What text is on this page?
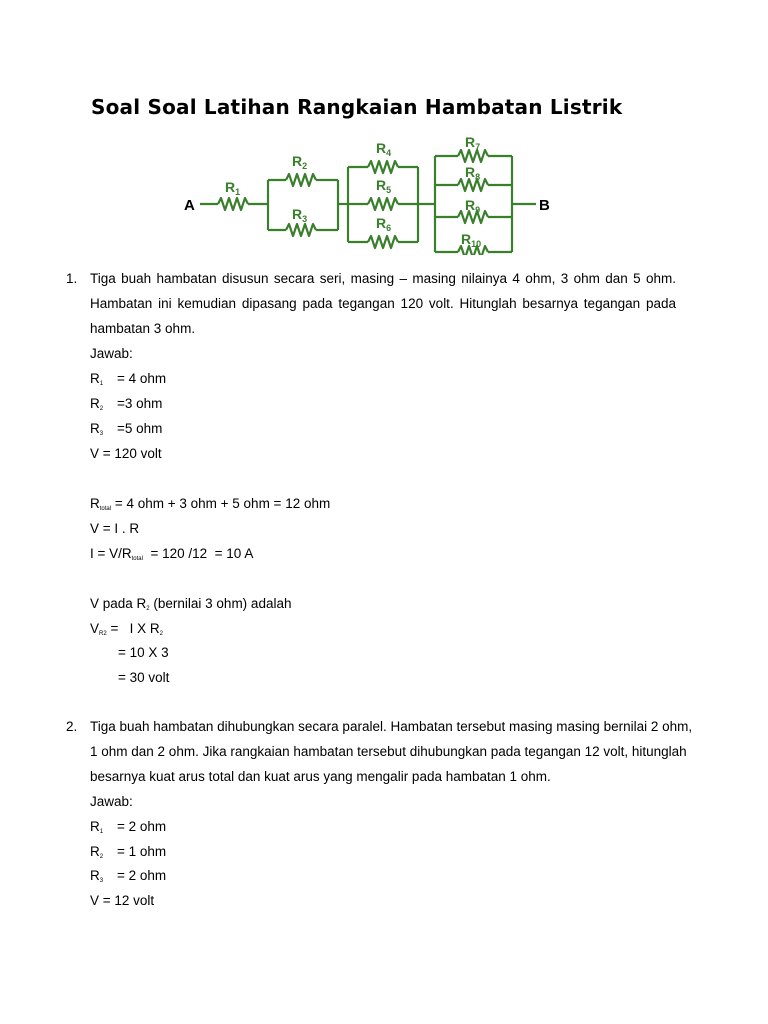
Soal Soal Latihan Rangkaian Hambatan Listrik
A	B
$R_1$
$R_2$
$R_3$
$R_4$
$R_5$
$R_6$
$R_7$
$R_8$
$R_9$
$R_{10}$
1. Tiga buah hambatan disusun secara seri, masing – masing nilainya 4 ohm, 3 ohm dan 5 ohm.
Hambatan ini kemudian dipasang pada tegangan 120 volt. Hitunglah besarnya tegangan pada
hambatan 3 ohm.
Jawab:
$R_1 = 4$ ohm
$R_2 =3$ ohm
$R_3 =5$ ohm
V = 120 volt
$R_{total} = 4$ ohm + 3 ohm + 5 ohm = 12 ohm
V = I . R
$I = V/R_{total} = 120$ /12  = 10 A
V pada $R_2$ (bernilai 3 ohm) adalah
$V_{R2} = I$ X $R_2$
= 10 X 3
= 30 volt
2. Tiga buah hambatan dihubungkan secara paralel. Hambatan tersebut masing masing bernilai 2 ohm,
1 ohm dan 2 ohm. Jika rangkaian hambatan tersebut dihubungkan pada tegangan 12 volt, hitunglah
besarnya kuat arus total dan kuat arus yang mengalir pada hambatan 1 ohm.
Jawab:
$R_1 = 2$ ohm
$R_2 = 1$ ohm
$R_3 = 2$ ohm
V = 12 volt
